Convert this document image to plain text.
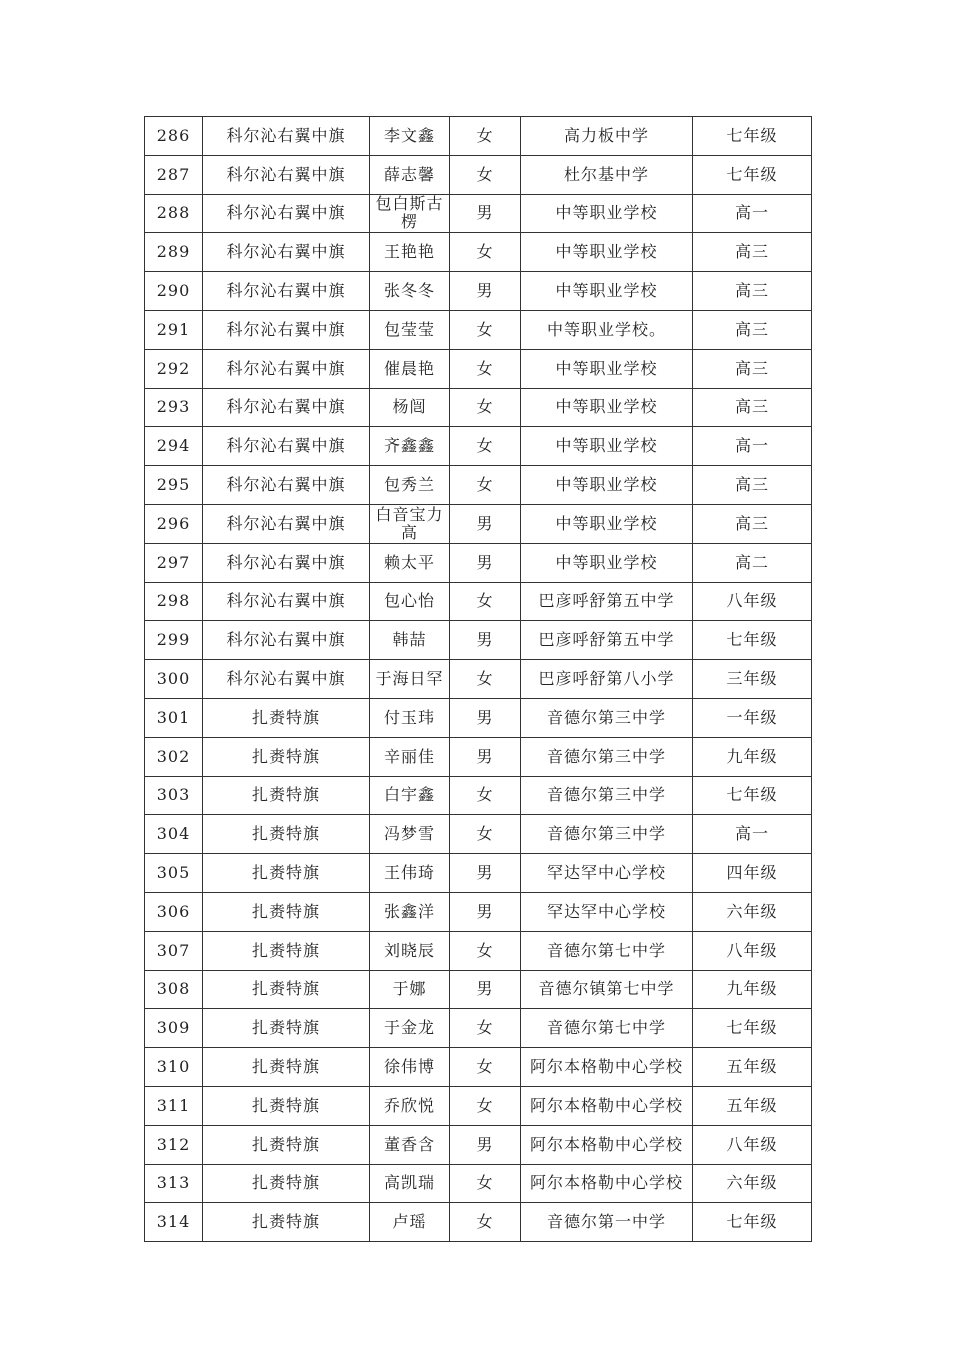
286	科尔沁右翼中旗	李文鑫	女	高力板中学	七年级
287	科尔沁右翼中旗	薛志馨	女	杜尔基中学	七年级
288	科尔沁右翼中旗	包白斯古楞	男	中等职业学校	高一
289	科尔沁右翼中旗	王艳艳	女	中等职业学校	高三
290	科尔沁右翼中旗	张冬冬	男	中等职业学校	高三
291	科尔沁右翼中旗	包莹莹	女	中等职业学校。	高三
292	科尔沁右翼中旗	催晨艳	女	中等职业学校	高三
293	科尔沁右翼中旗	杨闿	女	中等职业学校	高三
294	科尔沁右翼中旗	齐鑫鑫	女	中等职业学校	高一
295	科尔沁右翼中旗	包秀兰	女	中等职业学校	高三
296	科尔沁右翼中旗	白音宝力高	男	中等职业学校	高三
297	科尔沁右翼中旗	赖太平	男	中等职业学校	高二
298	科尔沁右翼中旗	包心怡	女	巴彦呼舒第五中学	八年级
299	科尔沁右翼中旗	韩喆	男	巴彦呼舒第五中学	七年级
300	科尔沁右翼中旗	于海日罕	女	巴彦呼舒第八小学	三年级
301	扎赉特旗	付玉玮	男	音德尔第三中学	一年级
302	扎赉特旗	辛丽佳	男	音德尔第三中学	九年级
303	扎赉特旗	白宇鑫	女	音德尔第三中学	七年级
304	扎赉特旗	冯梦雪	女	音德尔第三中学	高一
305	扎赉特旗	王伟琦	男	罕达罕中心学校	四年级
306	扎赉特旗	张鑫洋	男	罕达罕中心学校	六年级
307	扎赉特旗	刘晓辰	女	音德尔第七中学	八年级
308	扎赉特旗	于娜	男	音德尔镇第七中学	九年级
309	扎赉特旗	于金龙	女	音德尔第七中学	七年级
310	扎赉特旗	徐伟博	女	阿尔本格勒中心学校	五年级
311	扎赉特旗	乔欣悦	女	阿尔本格勒中心学校	五年级
312	扎赉特旗	董香含	男	阿尔本格勒中心学校	八年级
313	扎赉特旗	高凯瑞	女	阿尔本格勒中心学校	六年级
314	扎赉特旗	卢瑶	女	音德尔第一中学	七年级
